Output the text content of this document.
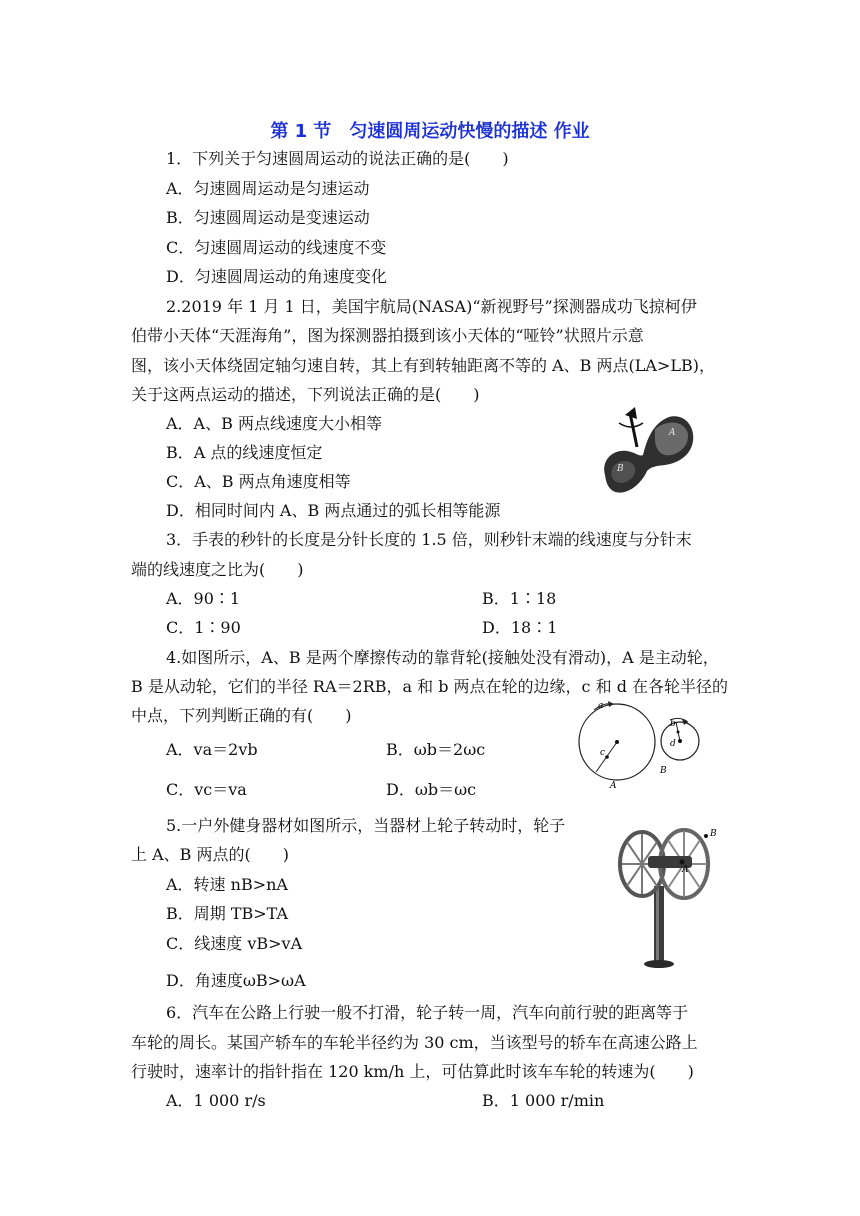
第 1 节　匀速圆周运动快慢的描述 作业
1．下列关于匀速圆周运动的说法正确的是(　　)
A．匀速圆周运动是匀速运动
B．匀速圆周运动是变速运动
C．匀速圆周运动的线速度不变
D．匀速圆周运动的角速度变化
2.2019 年 1 月 1 日，美国宇航局(NASA)“新视野号”探测器成功飞掠柯伊
伯带小天体“天涯海角”，图为探测器拍摄到该小天体的“哑铃”状照片示意
图，该小天体绕固定轴匀速自转，其上有到转轴距离不等的 A、B 两点(LA>LB)，
关于这两点运动的描述，下列说法正确的是(　　)
A．A、B 两点线速度大小相等
B．A 点的线速度恒定
C．A、B 两点角速度相等
D．相同时间内 A、B 两点通过的弧长相等能源
A
B
3．手表的秒针的长度是分针长度的 1.5 倍，则秒针末端的线速度与分针末
端的线速度之比为(　　)
A．90∶1	B．1∶18
C．1∶90	D．18∶1
4.如图所示，A、B 是两个摩擦传动的靠背轮(接触处没有滑动)，A 是主动轮，
B 是从动轮，它们的半径 RA＝2RB，a 和 b 两点在轮的边缘，c 和 d 在各轮半径的
中点，下列判断正确的有(　　)
A．va＝2vb	B．ωb＝2ωc
C．vc＝va	D．ωb＝ωc
a
b
c
d
A
B
5.一户外健身器材如图所示，当器材上轮子转动时，轮子
上 A、B 两点的(　　)
A．转速 nB>nA
B．周期 TB>TA
C．线速度 vB>vA
D．角速度ωB>ωA
A
B
6．汽车在公路上行驶一般不打滑，轮子转一周，汽车向前行驶的距离等于
车轮的周长。某国产轿车的车轮半径约为 30 cm，当该型号的轿车在高速公路上
行驶时，速率计的指针指在 120 km/h 上，可估算此时该车车轮的转速为(　　)
A．1 000 r/s	B．1 000 r/min
